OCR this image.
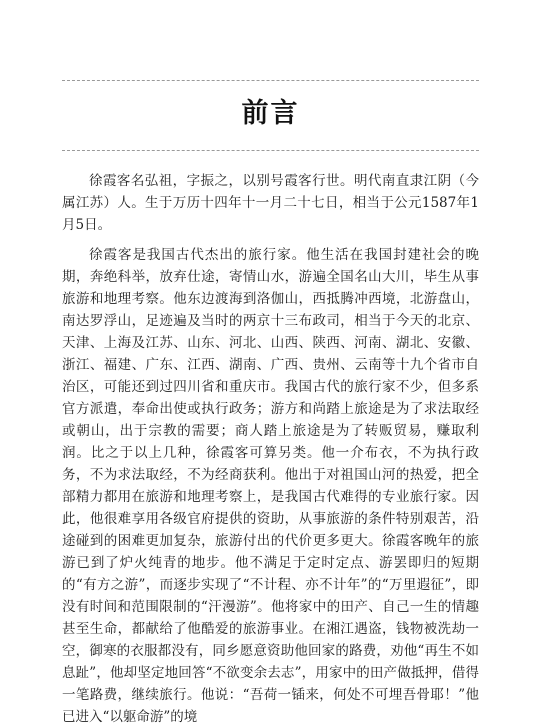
前言

徐霞客名弘祖，字振之，以别号霞客行世。明代南直隶江阴（今属江苏）人。生于万历十四年十一月二十七日，相当于公元1587年1月5日。

徐霞客是我国古代杰出的旅行家。他生活在我国封建社会的晚期，奔绝科举，放弃仕途，寄情山水，游遍全国名山大川，毕生从事旅游和地理考察。他东边渡海到洛伽山，西抵腾冲西境，北游盘山，南达罗浮山，足迹遍及当时的两京十三布政司，相当于今天的北京、天津、上海及江苏、山东、河北、山西、陕西、河南、湖北、安徽、浙江、福建、广东、江西、湖南、广西、贵州、云南等十九个省市自治区，可能还到过四川省和重庆市。我国古代的旅行家不少，但多系官方派遣，奉命出使或执行政务；游方和尚踏上旅途是为了求法取经或朝山，出于宗教的需要；商人踏上旅途是为了转贩贸易，赚取利润。比之于以上几种，徐霞客可算另类。他一介布衣，不为执行政务，不为求法取经，不为经商获利。他出于对祖国山河的热爱，把全部精力都用在旅游和地理考察上，是我国古代难得的专业旅行家。因此，他很难享用各级官府提供的资助，从事旅游的条件特别艰苦，沿途碰到的困难更加复杂，旅游付出的代价更多更大。徐霞客晚年的旅游已到了炉火纯青的地步。他不满足于定时定点、游罢即归的短期的“有方之游”，而逐步实现了“不计程、亦不计年”的“万里遐征”，即没有时间和范围限制的“汗漫游”。他将家中的田产、自己一生的情趣甚至生命，都献给了他酷爱的旅游事业。在湘江遇盗，钱物被洗劫一空，御寒的衣服都没有，同乡愿意资助他回家的路费，劝他“再生不如息趾”，他却坚定地回答“不欲变余去志”，用家中的田产做抵押，借得一笔路费，继续旅行。他说：“吾荷一锸来，何处不可埋吾骨耶！”他已进入“以躯命游”的境
